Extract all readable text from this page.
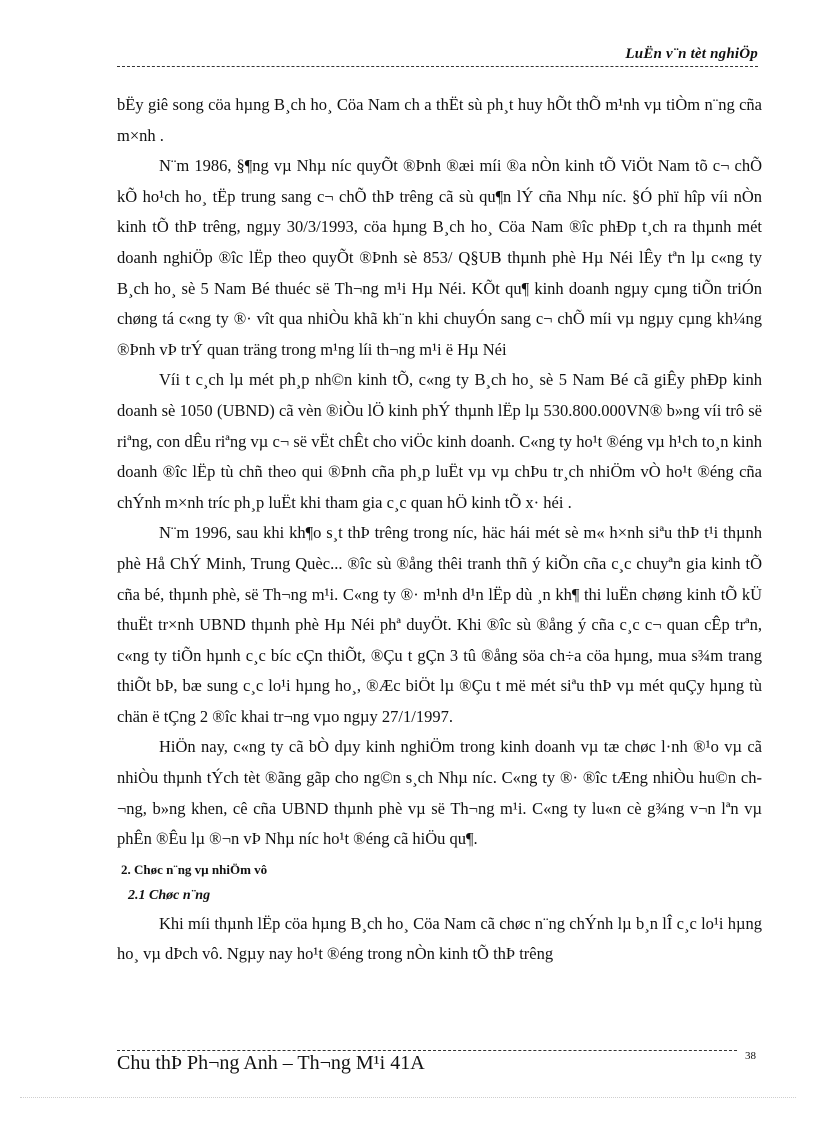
LuËn v¨n tèt nghiÖp

bËy giê song cöa hµng B¸ch ho¸ Cöa Nam ch a thËt sù ph¸t huy hÕt thÕ m¹nh vµ tiÒm n¨ng cña m×nh .

N¨m 1986, §¶ng vµ Nhµ níc quyÕt ®Þnh ®æi míi ®a nÒn kinh tÕ ViÖt Nam tõ c¬ chÕ kÕ ho¹ch ho¸ tËp trung sang c¬ chÕ thÞ trêng cã sù qu¶n lÝ cña Nhµ níc. §Ó phï hîp víi nÒn kinh tÕ thÞ trêng, ngµy 30/3/1993, cöa hµng B¸ch ho¸ Cöa Nam ®îc phÐp t¸ch ra thµnh mét doanh nghiÖp ®îc lËp theo quyÕt ®Þnh sè 853/ Q§UB thµnh phè Hµ Néi lÊy tªn lµ c«ng ty B¸ch ho¸ sè 5 Nam Bé thuéc së Th¬ng m¹i Hµ Néi. KÕt qu¶ kinh doanh ngµy cµng tiÕn triÓn chøng tá c«ng ty ®· vît qua nhiÒu khã kh¨n khi chuyÓn sang c¬ chÕ míi vµ ngµy cµng kh¼ng ®Þnh vÞ trÝ quan träng trong m¹ng líi th¬ng m¹i ë Hµ Néi

Víi t c¸ch lµ mét ph¸p nh©n kinh tÕ, c«ng ty B¸ch ho¸ sè 5 Nam Bé cã giÊy phÐp kinh doanh sè 1050 (UBND) cã vèn ®iÒu lÖ kinh phÝ thµnh lËp lµ 530.800.000VN® b»ng víi trô së riªng, con dÊu riªng vµ c¬ së vËt chÊt cho viÖc kinh doanh. C«ng ty ho¹t ®éng vµ h¹ch to¸n kinh doanh ®îc lËp tù chñ theo qui ®Þnh cña ph¸p luËt vµ vµ chÞu tr¸ch nhiÖm vÒ ho¹t ®éng cña chÝnh m×nh tríc ph¸p luËt khi tham gia c¸c quan hÖ kinh tÕ x· héi .

N¨m 1996, sau khi kh¶o s¸t thÞ trêng trong níc, häc hái mét sè m« h×nh siªu thÞ t¹i thµnh phè Hå ChÝ Minh, Trung Quèc... ®îc sù ®ång thêi tranh thñ ý kiÕn cña c¸c chuyªn gia kinh tÕ cña bé, thµnh phè, së Th¬ng m¹i. C«ng ty ®· m¹nh d¹n lËp dù ¸n kh¶ thi luËn chøng kinh tÕ kÜ thuËt tr×nh UBND thµnh phè Hµ Néi phª duyÖt. Khi ®îc sù ®ång ý cña c¸c c¬ quan cÊp trªn, c«ng ty tiÕn hµnh c¸c bíc cÇn thiÕt, ®Çu t gÇn 3 tû ®ång söa ch÷a cöa hµng, mua s¾m trang thiÕt bÞ, bæ sung c¸c lo¹i hµng ho¸, ®Æc biÖt lµ ®Çu t më mét siªu thÞ vµ mét quÇy hµng tù chän ë tÇng 2 ®îc khai tr¬ng vµo ngµy 27/1/1997.

HiÖn nay, c«ng ty cã bÒ dµy kinh nghiÖm trong kinh doanh vµ tæ chøc l·nh ®¹o vµ cã nhiÒu thµnh tÝch tèt ®ãng gãp cho ng©n s¸ch Nhµ níc. C«ng ty ®· ®îc tÆng nhiÒu hu©n ch¬ng, b»ng khen, cê cña UBND thµnh phè vµ së Th¬ng m¹i. C«ng ty lu«n cè g¾ng v¬n lªn vµ phÊn ®Êu lµ ®¬n vÞ Nhµ níc ho¹t ®éng cã hiÖu qu¶.

2. Chøc n¨ng vµ nhiÖm vô

2.1 Chøc n¨ng

Khi míi thµnh lËp cöa hµng B¸ch ho¸ Cöa Nam cã chøc n¨ng chÝnh lµ b¸n lÎ c¸c lo¹i hµng ho¸ vµ dÞch vô. Ngµy nay ho¹t ®éng trong nÒn kinh tÕ thÞ trêng

Chu thÞ Ph¬ng Anh – Th¬ng M¹i 41A	38
